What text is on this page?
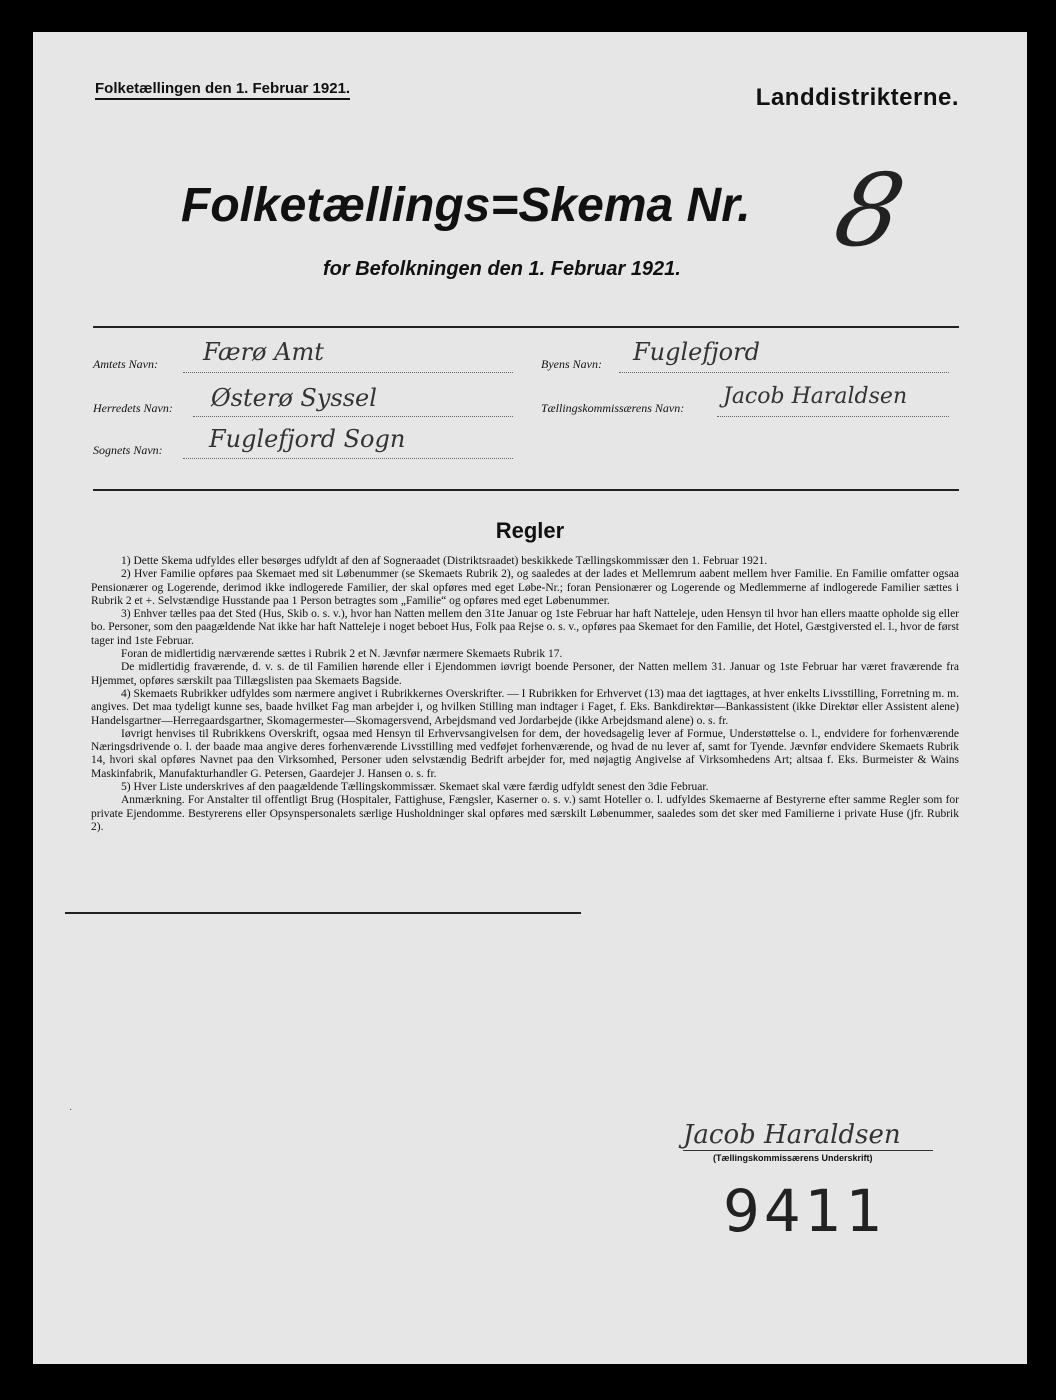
Folketællingen den 1. Februar 1921.	Landdistrikterne.
Folketællings=Skema Nr. 8
for Befolkningen den 1. Februar 1921.
Amtets Navn: Færø Amt
Herredets Navn: Østerø Syssel
Sognets Navn: Fuglefjord Sogn
Byens Navn: Fuglefjord
Tællingskommissærens Navn: Jacob Haraldsen
Regler

1) Dette Skema udfyldes eller besørges udfyldt af den af Sogneraadet (Distriktsraadet) beskikkede Tællingskommissær den 1. Februar 1921.

2) Hver Familie opføres paa Skemaet med sit Løbenummer (se Skemaets Rubrik 2), og saaledes at der lades et Mellemrum aabent mellem hver Familie. En Familie omfatter ogsaa Pensionærer og Logerende, derimod ikke indlogerede Familier, der skal opføres med eget Løbe-Nr.; foran Pensionærer og Logerende og Medlemmerne af indlogerede Familier sættes i Rubrik 2 et +. Selvstændige Husstande paa 1 Person betragtes som „Familie“ og opføres med eget Løbenummer.

3) Enhver tælles paa det Sted (Hus, Skib o. s. v.), hvor han Natten mellem den 31te Januar og 1ste Februar har haft Natteleje, uden Hensyn til hvor han ellers maatte opholde sig eller bo. Personer, som den paagældende Nat ikke har haft Natteleje i noget beboet Hus, Folk paa Rejse o. s. v., opføres paa Skemaet for den Familie, det Hotel, Gæstgiversted el. l., hvor de først tager ind 1ste Februar.

Foran de midlertidig nærværende sættes i Rubrik 2 et N. Jævnfør nærmere Skemaets Rubrik 17.

De midlertidig fraværende, d. v. s. de til Familien hørende eller i Ejendommen iøvrigt boende Personer, der Natten mellem 31. Januar og 1ste Februar har været fraværende fra Hjemmet, opføres særskilt paa Tillægslisten paa Skemaets Bagside.

4) Skemaets Rubrikker udfyldes som nærmere angivet i Rubrikkernes Overskrifter. — I Rubrikken for Erhvervet (13) maa det iagttages, at hver enkelts Livsstilling, Forretning m. m. angives. Det maa tydeligt kunne ses, baade hvilket Fag man arbejder i, og hvilken Stilling man indtager i Faget, f. Eks. Bankdirektør—Bankassistent (ikke Direktør eller Assistent alene) Handelsgartner—Herregaardsgartner, Skomagermester—Skomagersvend, Arbejdsmand ved Jordarbejde (ikke Arbejdsmand alene) o. s. fr.

Iøvrigt henvises til Rubrikkens Overskrift, ogsaa med Hensyn til Erhvervsangivelsen for dem, der hovedsagelig lever af Formue, Understøttelse o. l., endvidere for forhenværende Næringsdrivende o. l. der baade maa angive deres forhenværende Livsstilling med vedføjet forhenværende, og hvad de nu lever af, samt for Tyende. Jævnfør endvidere Skemaets Rubrik 14, hvori skal opføres Navnet paa den Virksomhed, Personer uden selvstændig Bedrift arbejder for, med nøjagtig Angivelse af Virksomhedens Art; altsaa f. Eks. Burmeister & Wains Maskinfabrik, Manufakturhandler G. Petersen, Gaardejer J. Hansen o. s. fr.

5) Hver Liste underskrives af den paagældende Tællingskommissær. Skemaet skal være færdig udfyldt senest den 3die Februar.

Anmærkning. For Anstalter til offentligt Brug (Hospitaler, Fattighuse, Fængsler, Kaserner o. s. v.) samt Hoteller o. l. udfyldes Skemaerne af Bestyrerne efter samme Regler som for private Ejendomme. Bestyrerens eller Opsynspersonalets særlige Husholdninger skal opføres med særskilt Løbenummer, saaledes som det sker med Familierne i private Huse (jfr. Rubrik 2).

·
Jacob Haraldsen
(Tællingskommissærens Underskrift)
9411
